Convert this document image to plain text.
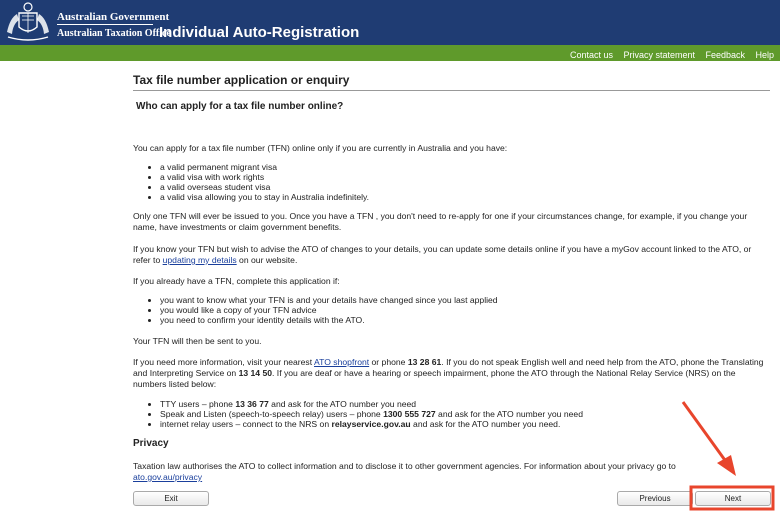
Australian Government
Australian Taxation Office
Individual Auto-Registration
Contact us Privacy statement Feedback Help
Tax file number application or enquiry
Who can apply for a tax file number online?
You can apply for a tax file number (TFN) online only if you are currently in Australia and you have:
• a valid permanent migrant visa
• a valid visa with work rights
• a valid overseas student visa
• a valid visa allowing you to stay in Australia indefinitely.
Only one TFN will ever be issued to you. Once you have a TFN , you don't need to re-apply for one if your circumstances change, for example, if you change your name, have investments or claim government benefits.
If you know your TFN but wish to advise the ATO of changes to your details, you can update some details online if you have a myGov account linked to the ATO, or refer to updating my details on our website.
If you already have a TFN, complete this application if:
• you want to know what your TFN is and your details have changed since you last applied
• you would like a copy of your TFN advice
• you need to confirm your identity details with the ATO.
Your TFN will then be sent to you.
If you need more information, visit your nearest ATO shopfront or phone 13 28 61. If you do not speak English well and need help from the ATO, phone the Translating and Interpreting Service on 13 14 50. If you are deaf or have a hearing or speech impairment, phone the ATO through the National Relay Service (NRS) on the numbers listed below:
• TTY users – phone 13 36 77 and ask for the ATO number you need
• Speak and Listen (speech-to-speech relay) users – phone 1300 555 727 and ask for the ATO number you need
• internet relay users – connect to the NRS on relayservice.gov.au and ask for the ATO number you need.
Privacy
Taxation law authorises the ATO to collect information and to disclose it to other government agencies. For information about your privacy go to ato.gov.au/privacy
Exit	Previous	Next
